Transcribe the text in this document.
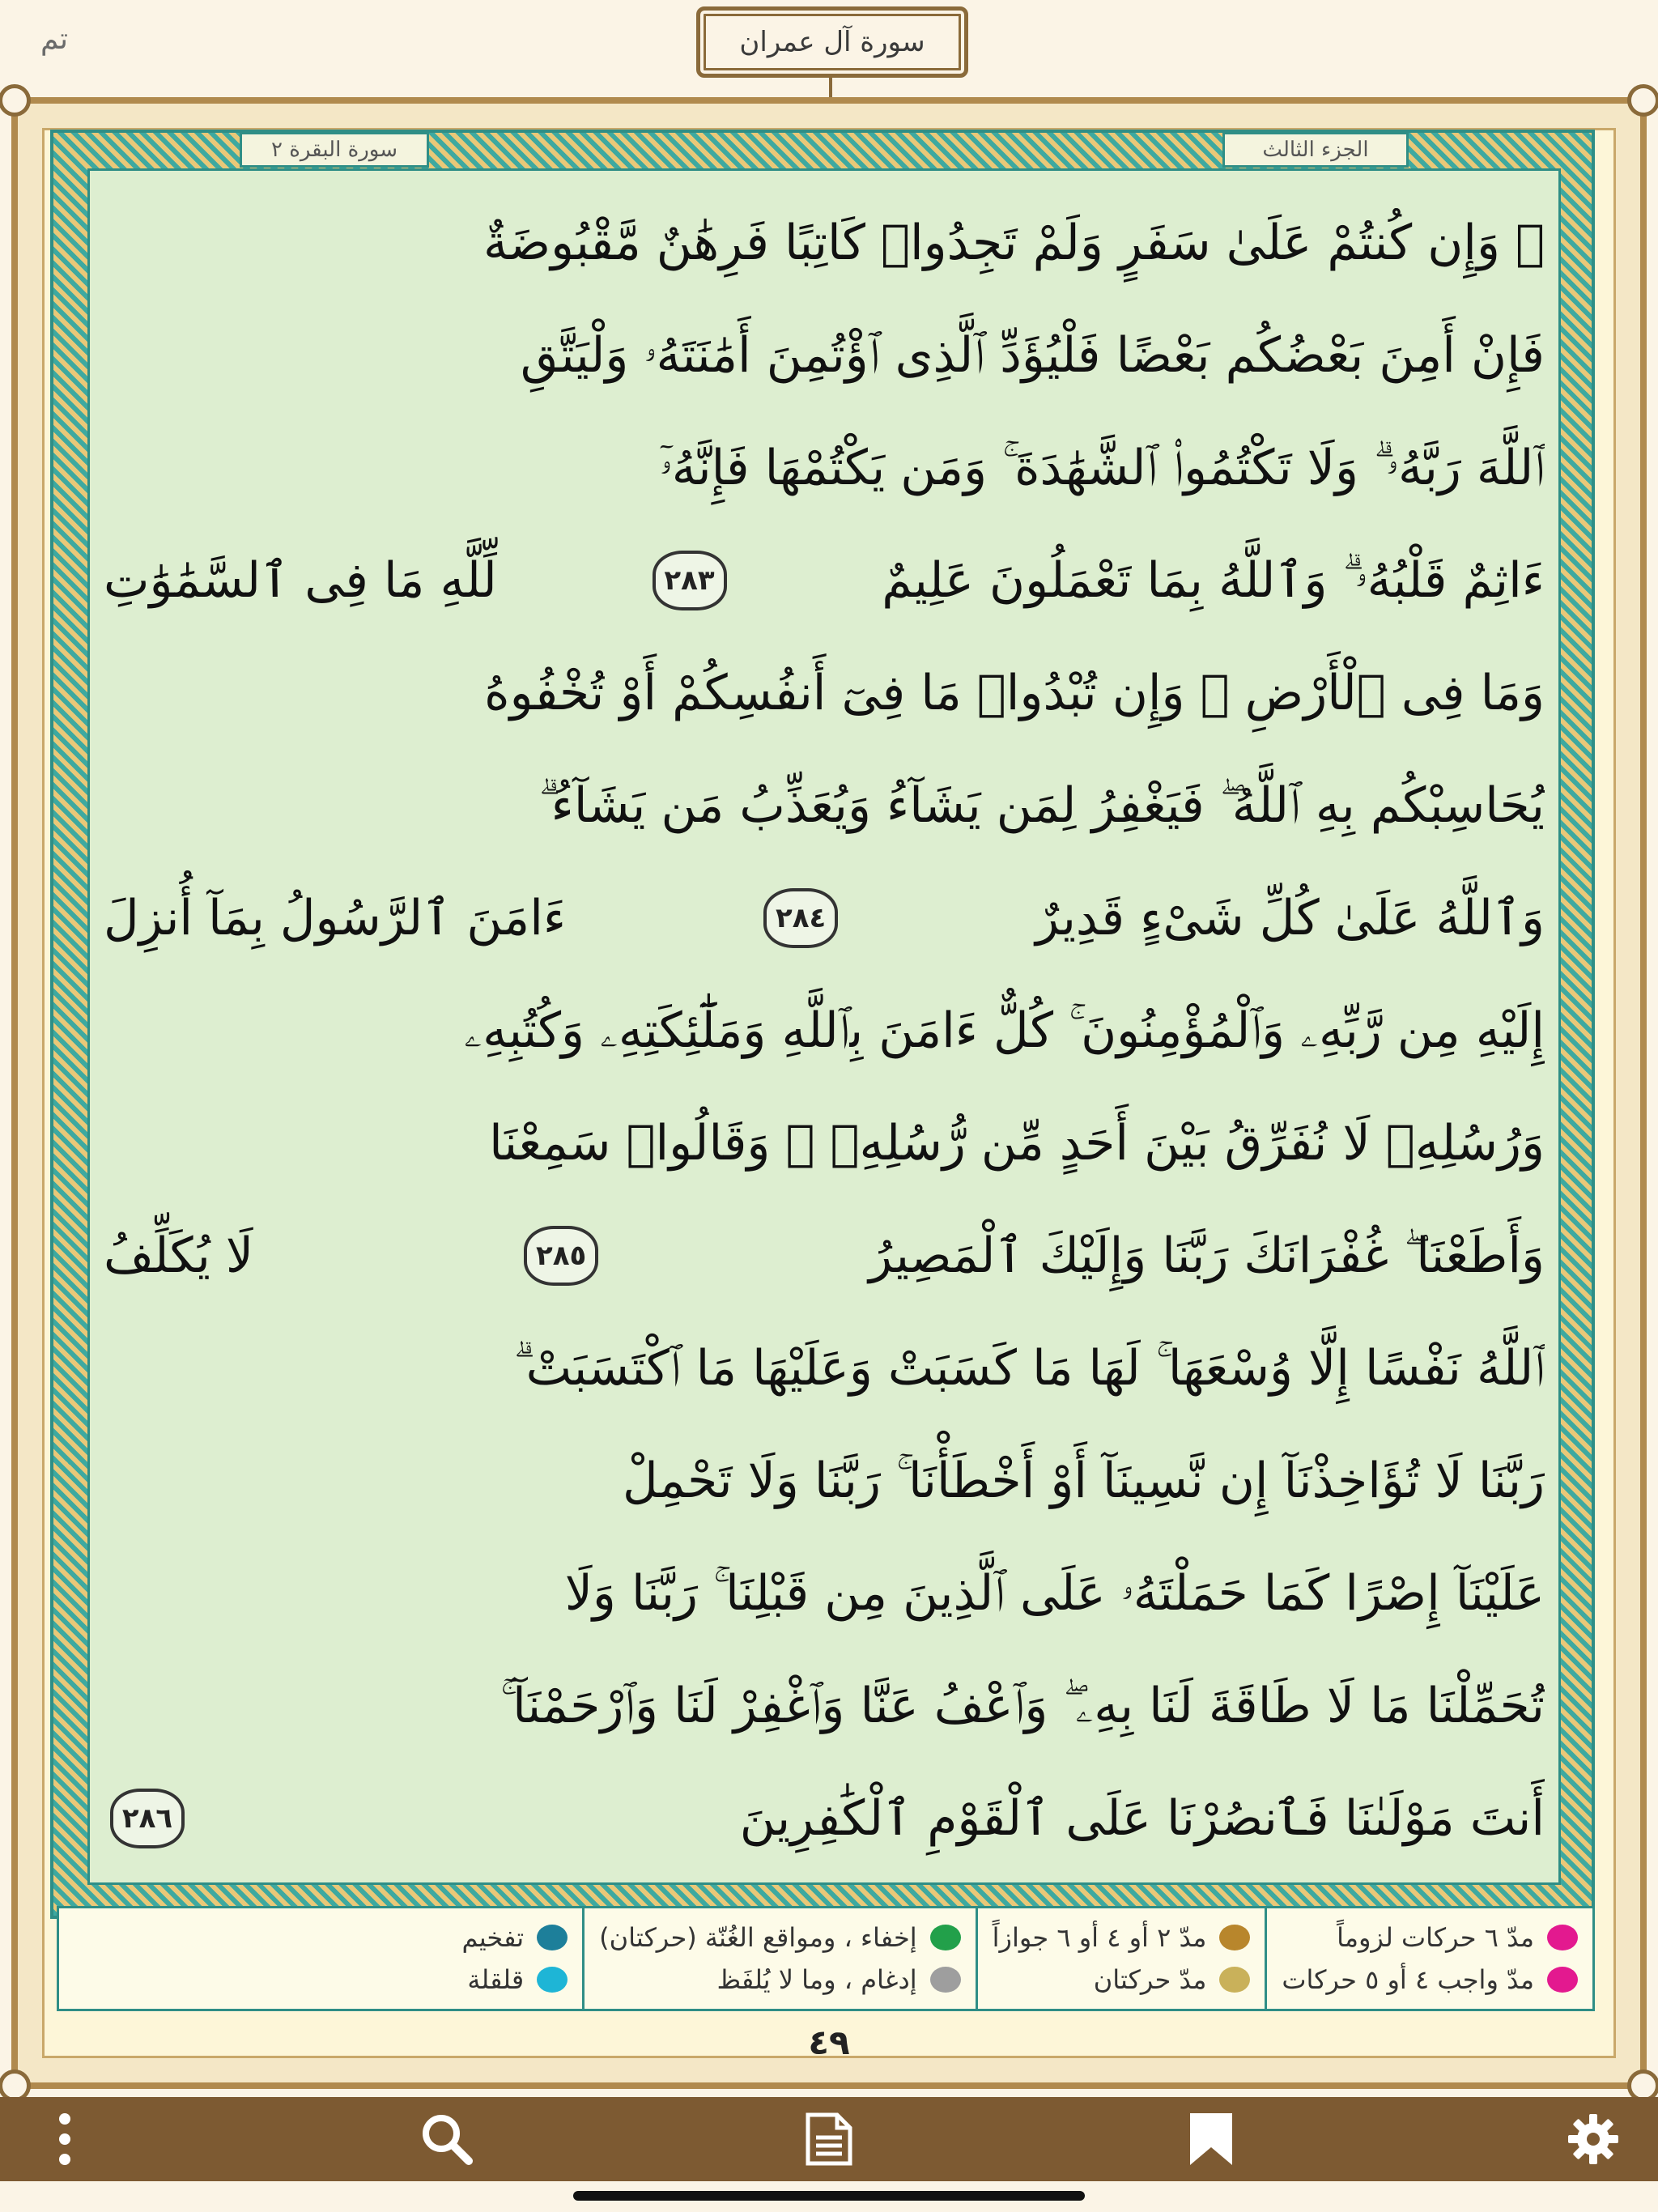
تم	سورة آل عمران
الجزء الثالث
سورة البقرة ٢
۞ وَإِن كُنتُمْ عَلَىٰ سَفَرٍ وَلَمْ تَجِدُوا۟ كَاتِبًا فَرِهَٰنٌ مَّقْبُوضَةٌ
فَإِنْ أَمِنَ بَعْضُكُم بَعْضًا فَلْيُؤَدِّ ٱلَّذِى ٱؤْتُمِنَ أَمَٰنَتَهُۥ وَلْيَتَّقِ
ٱللَّهَ رَبَّهُۥ ۗ وَلَا تَكْتُمُوا۟ ٱلشَّهَٰدَةَ ۚ وَمَن يَكْتُمْهَا فَإِنَّهُۥٓ
ءَاثِمٌ قَلْبُهُۥ ۗ وَٱللَّهُ بِمَا تَعْمَلُونَ عَلِيمٌ
٢٨٣
لِّلَّهِ مَا فِى ٱلسَّمَٰوَٰتِ
وَمَا فِى ٱلْأَرْضِ ۗ وَإِن تُبْدُوا۟ مَا فِىٓ أَنفُسِكُمْ أَوْ تُخْفُوهُ
يُحَاسِبْكُم بِهِ ٱللَّهُ ۖ فَيَغْفِرُ لِمَن يَشَآءُ وَيُعَذِّبُ مَن يَشَآءُ ۗ
وَٱللَّهُ عَلَىٰ كُلِّ شَىْءٍ قَدِيرٌ
٢٨٤
ءَامَنَ ٱلرَّسُولُ بِمَآ أُنزِلَ
إِلَيْهِ مِن رَّبِّهِۦ وَٱلْمُؤْمِنُونَ ۚ كُلٌّ ءَامَنَ بِٱللَّهِ وَمَلَٰٓئِكَتِهِۦ وَكُتُبِهِۦ
وَرُسُلِهِۦ لَا نُفَرِّقُ بَيْنَ أَحَدٍ مِّن رُّسُلِهِۦ ۚ وَقَالُوا۟ سَمِعْنَا
وَأَطَعْنَا ۖ غُفْرَانَكَ رَبَّنَا وَإِلَيْكَ ٱلْمَصِيرُ
٢٨٥
لَا يُكَلِّفُ
ٱللَّهُ نَفْسًا إِلَّا وُسْعَهَا ۚ لَهَا مَا كَسَبَتْ وَعَلَيْهَا مَا ٱكْتَسَبَتْ ۗ
رَبَّنَا لَا تُؤَاخِذْنَآ إِن نَّسِينَآ أَوْ أَخْطَأْنَا ۚ رَبَّنَا وَلَا تَحْمِلْ
عَلَيْنَآ إِصْرًا كَمَا حَمَلْتَهُۥ عَلَى ٱلَّذِينَ مِن قَبْلِنَا ۚ رَبَّنَا وَلَا
تُحَمِّلْنَا مَا لَا طَاقَةَ لَنَا بِهِۦ ۖ وَٱعْفُ عَنَّا وَٱغْفِرْ لَنَا وَٱرْحَمْنَآ ۚ
أَنتَ مَوْلَىٰنَا فَٱنصُرْنَا عَلَى ٱلْقَوْمِ ٱلْكَٰفِرِينَ
٢٨٦
مدّ ٦ حركات لزوماً
مدّ واجب ٤ أو ٥ حركات
مدّ ٢ أو ٤ أو ٦ جوازاً
مدّ حركتان
إخفاء ، ومواقع الغُنّة (حركتان)
إدغام ، وما لا يُلفَظ
تفخيم
قلقلة
٤٩
